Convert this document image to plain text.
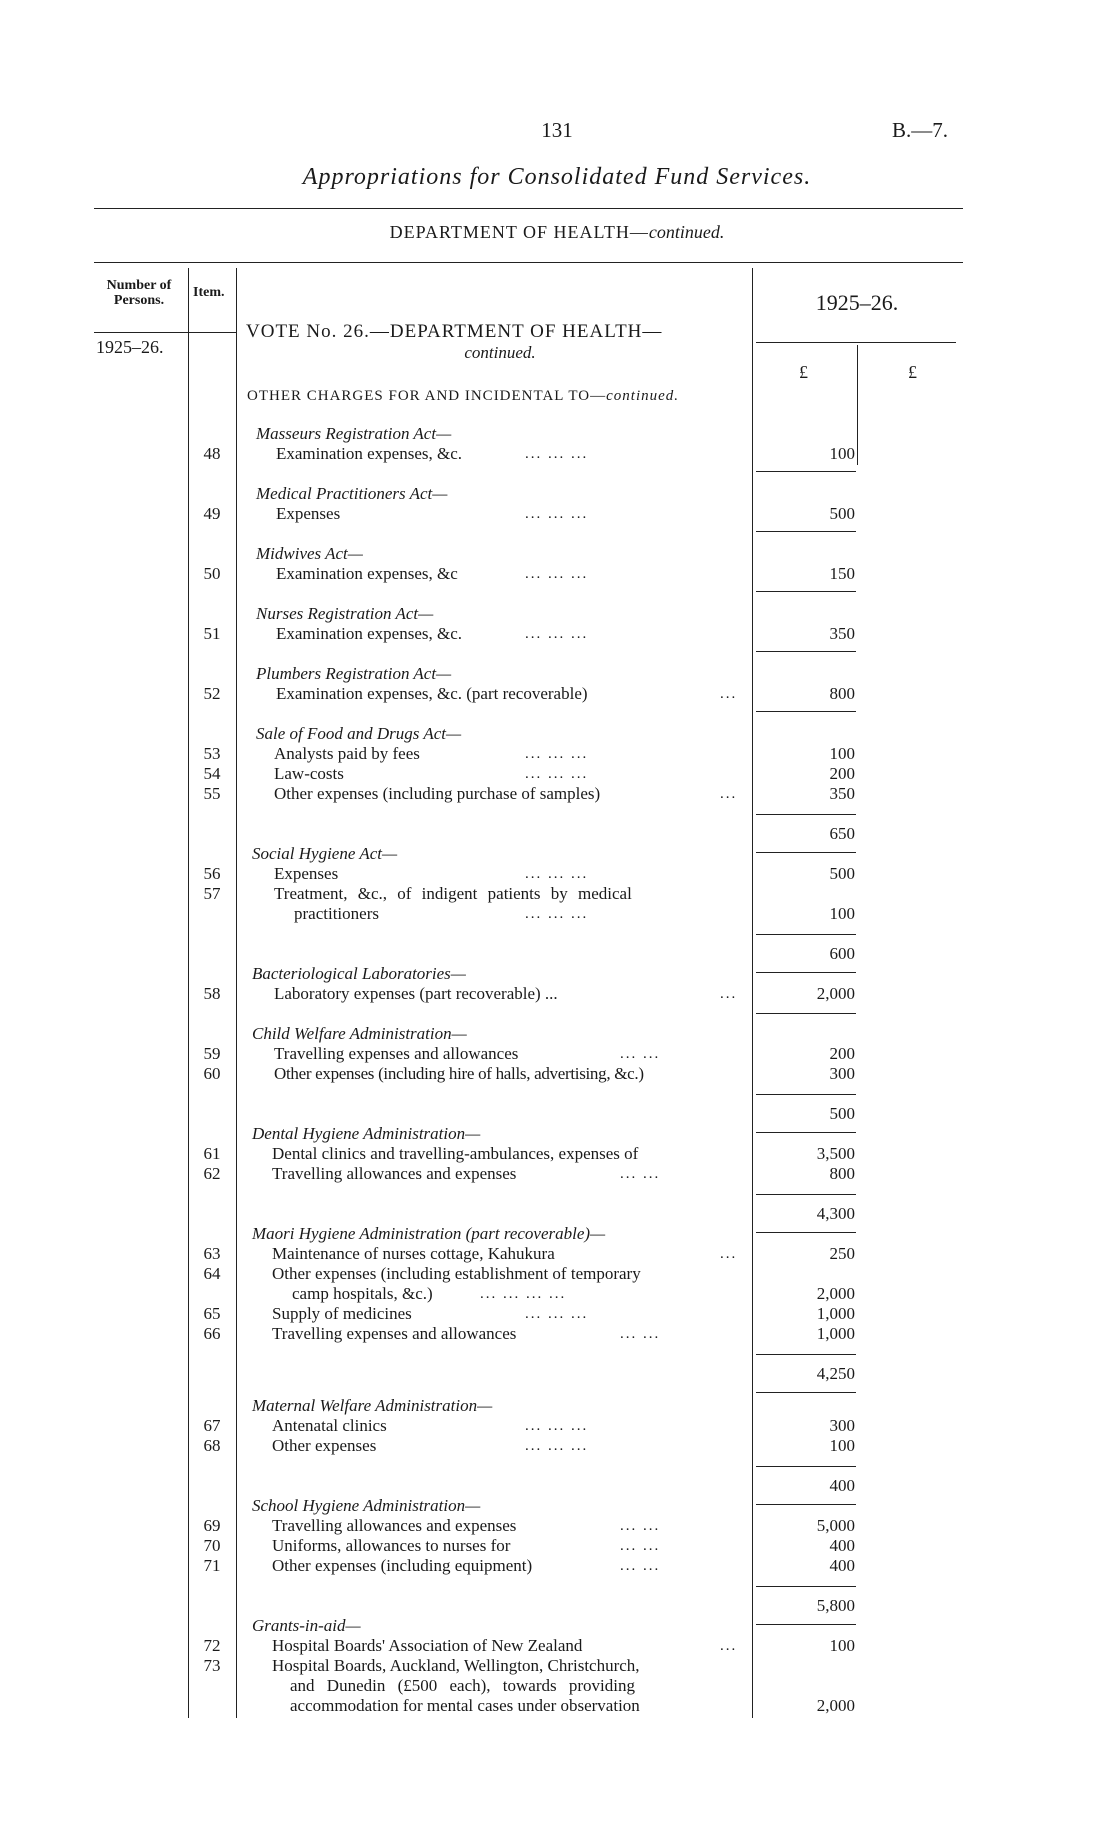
131	B.—7.
Appropriations for Consolidated Fund Services.
DEPARTMENT OF HEALTH—continued.
Number of Persons.
Item.
1925–26.
1925–26.
£	£
VOTE No. 26.—DEPARTMENT OF HEALTH—
continued.
OTHER CHARGES FOR AND INCIDENTAL TO—continued.
Masseurs Registration Act—
48	Examination expenses, &c.	... ... ...	100
Medical Practitioners Act—
49	Expenses	... ... ...	500
Midwives Act—
50	Examination expenses, &c	... ... ...	150
Nurses Registration Act—
51	Examination expenses, &c.	... ... ...	350
Plumbers Registration Act—
52	Examination expenses, &c. (part recoverable)	...	800
Sale of Food and Drugs Act—
53	Analysts paid by fees	... ... ...	100
54	Law-costs	... ... ...	200
55	Other expenses (including purchase of samples)	...	350
650
Social Hygiene Act—
56	Expenses	... ... ...	500
57	Treatment, &c., of indigent patients by medical
practitioners	... ... ...	100
600
Bacteriological Laboratories—
58	Laboratory expenses (part recoverable) ...	...	2,000
Child Welfare Administration—
59	Travelling expenses and allowances	... ...	200
60	Other expenses (including hire of halls, advertising, &c.)	300
500
Dental Hygiene Administration—
61	Dental clinics and travelling-ambulances, expenses of	3,500
62	Travelling allowances and expenses	... ...	800
4,300
Maori Hygiene Administration (part recoverable)—
63	Maintenance of nurses cottage, Kahukura	...	250
64	Other expenses (including establishment of temporary
camp hospitals, &c.)	... ... ... ...	2,000
65	Supply of medicines	... ... ...	1,000
66	Travelling expenses and allowances	... ...	1,000
4,250
Maternal Welfare Administration—
67	Antenatal clinics	... ... ...	300
68	Other expenses	... ... ...	100
400
School Hygiene Administration—
69	Travelling allowances and expenses	... ...	5,000
70	Uniforms, allowances to nurses for	... ...	400
71	Other expenses (including equipment)	... ...	400
5,800
Grants-in-aid—
72	Hospital Boards' Association of New Zealand	...	100
73	Hospital Boards, Auckland, Wellington, Christchurch,
and Dunedin (£500 each), towards providing
accommodation for mental cases under observation	2,000
